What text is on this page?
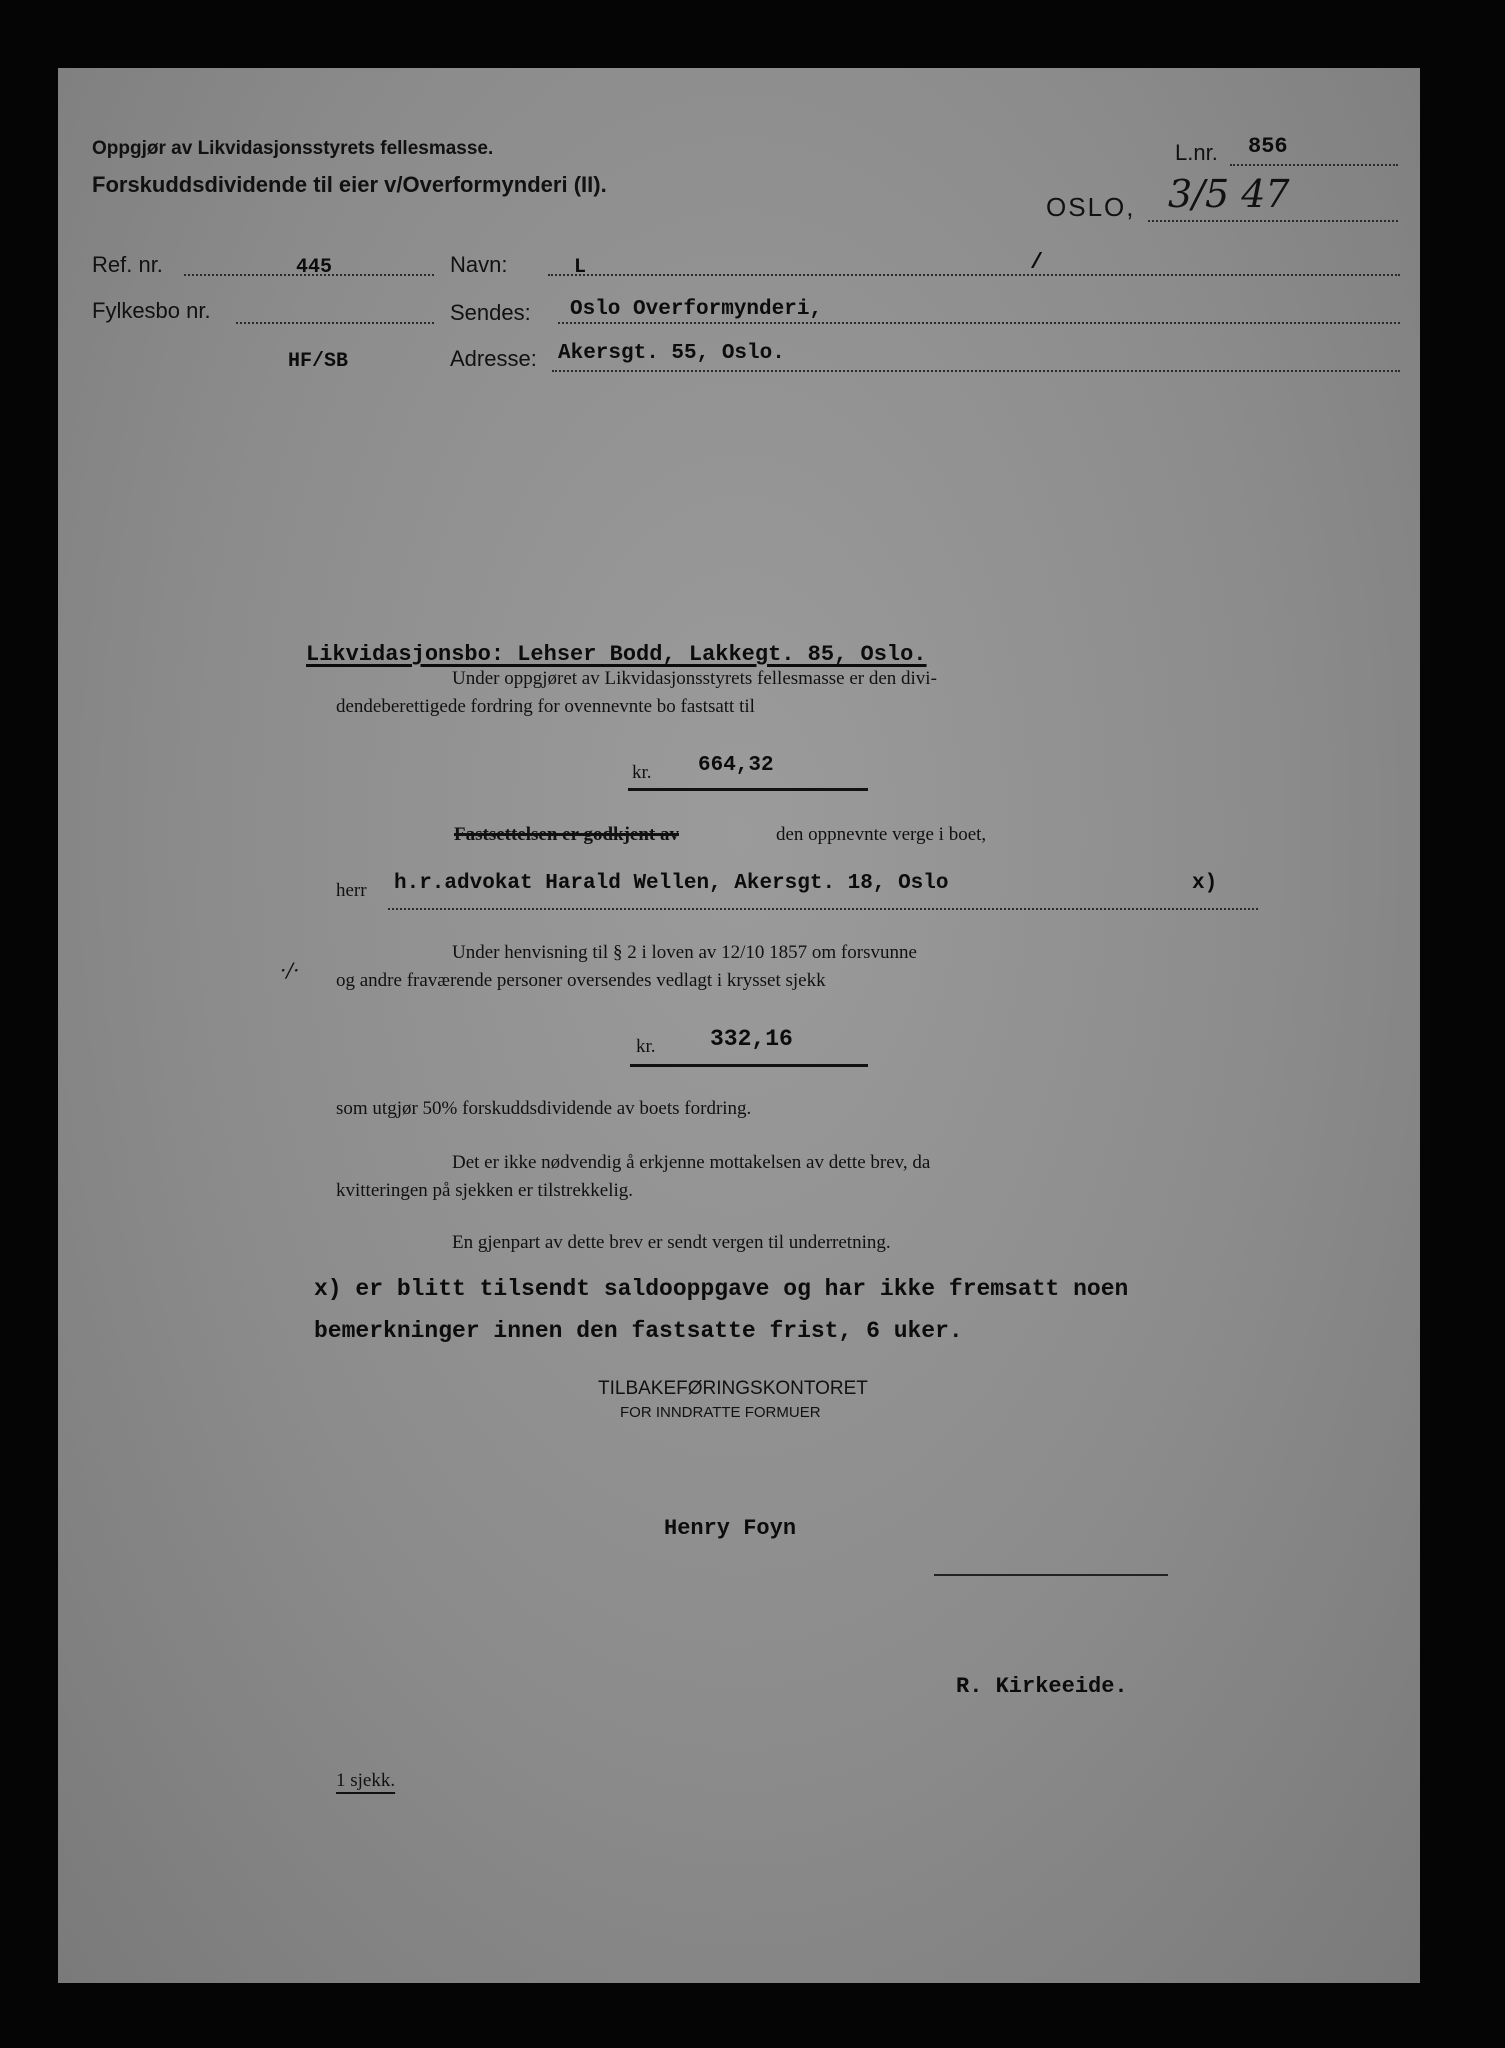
Oppgjør av Likvidasjonsstyrets fellesmasse.
Forskuddsdividende til eier v/Overformynderi (II).
L.nr. 856
OSLO, 3/5 47
Ref. nr.	445
Fylkesbo nr.
HF/SB
Navn:	L	/
Sendes: Oslo Overformynderi,
Adresse: Akersgt. 55, Oslo.
Likvidasjonsbo: Lehser Bodd, Lakkegt. 85, Oslo.
Under oppgjøret av Likvidasjonsstyrets fellesmasse er den divi-
dendeberettigede fordring for ovennevnte bo fastsatt til
kr. 664,32
Fastsettelsen er godkjent av	den oppnevnte verge i boet,
herr h.r.advokat Harald Wellen, Akersgt. 18, Oslo	x)
·/·
Under henvisning til § 2 i loven av 12/10 1857 om forsvunne
og andre fraværende personer oversendes vedlagt i krysset sjekk
kr. 332,16
som utgjør 50% forskuddsdividende av boets fordring.
Det er ikke nødvendig å erkjenne mottakelsen av dette brev, da
kvitteringen på sjekken er tilstrekkelig.
En gjenpart av dette brev er sendt vergen til underretning.
x) er blitt tilsendt saldooppgave og har ikke fremsatt noen
bemerkninger innen den fastsatte frist, 6 uker.
TILBAKEFØRINGSKONTORET
FOR INNDRATTE FORMUER
Henry Foyn
R. Kirkeeide.
1 sjekk.
